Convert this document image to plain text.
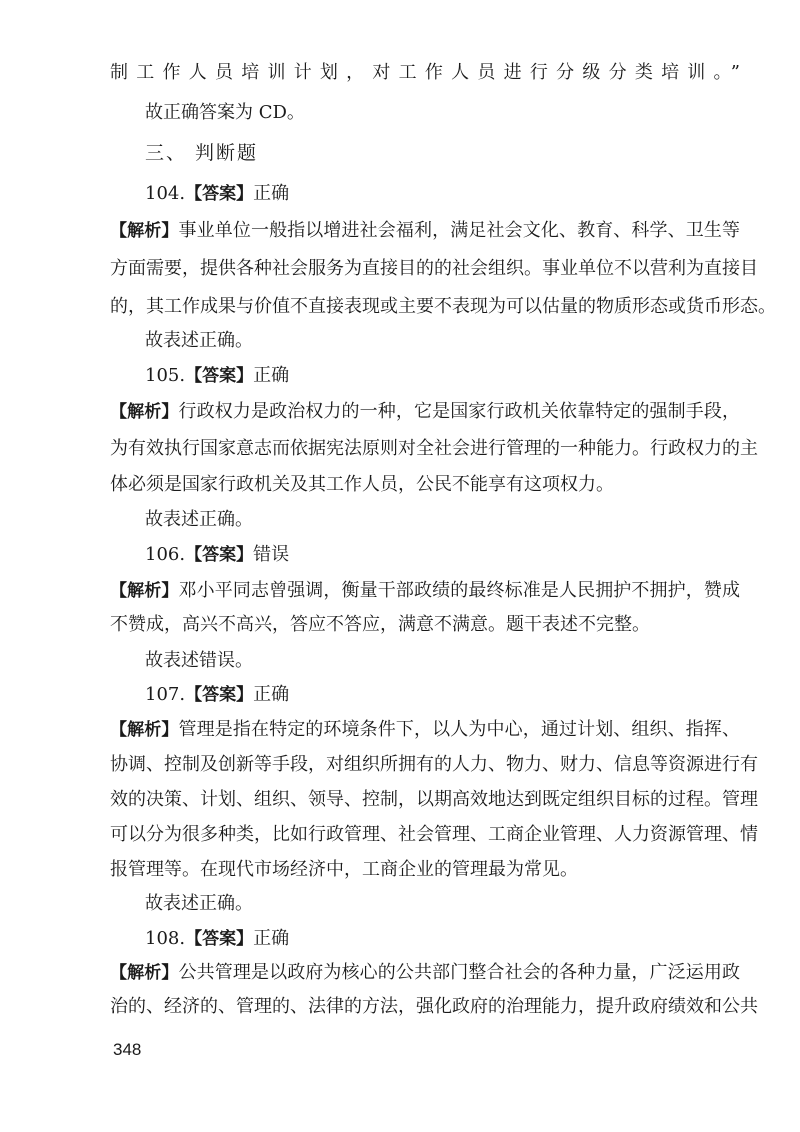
制工作人员培训计划，对工作人员进行分级分类培训。”
故正确答案为 CD。
三、 判断题
104.【答案】正确
【解析】事业单位一般指以增进社会福利，满足社会文化、教育、科学、卫生等
方面需要，提供各种社会服务为直接目的的社会组织。事业单位不以营利为直接目
的，其工作成果与价值不直接表现或主要不表现为可以估量的物质形态或货币形态。
故表述正确。
105.【答案】正确
【解析】行政权力是政治权力的一种，它是国家行政机关依靠特定的强制手段，
为有效执行国家意志而依据宪法原则对全社会进行管理的一种能力。行政权力的主
体必须是国家行政机关及其工作人员，公民不能享有这项权力。
故表述正确。
106.【答案】错误
【解析】邓小平同志曾强调，衡量干部政绩的最终标准是人民拥护不拥护，赞成
不赞成，高兴不高兴，答应不答应，满意不满意。题干表述不完整。
故表述错误。
107.【答案】正确
【解析】管理是指在特定的环境条件下，以人为中心，通过计划、组织、指挥、
协调、控制及创新等手段，对组织所拥有的人力、物力、财力、信息等资源进行有
效的决策、计划、组织、领导、控制，以期高效地达到既定组织目标的过程。管理
可以分为很多种类，比如行政管理、社会管理、工商企业管理、人力资源管理、情
报管理等。在现代市场经济中，工商企业的管理最为常见。
故表述正确。
108.【答案】正确
【解析】公共管理是以政府为核心的公共部门整合社会的各种力量，广泛运用政
治的、经济的、管理的、法律的方法，强化政府的治理能力，提升政府绩效和公共
348
